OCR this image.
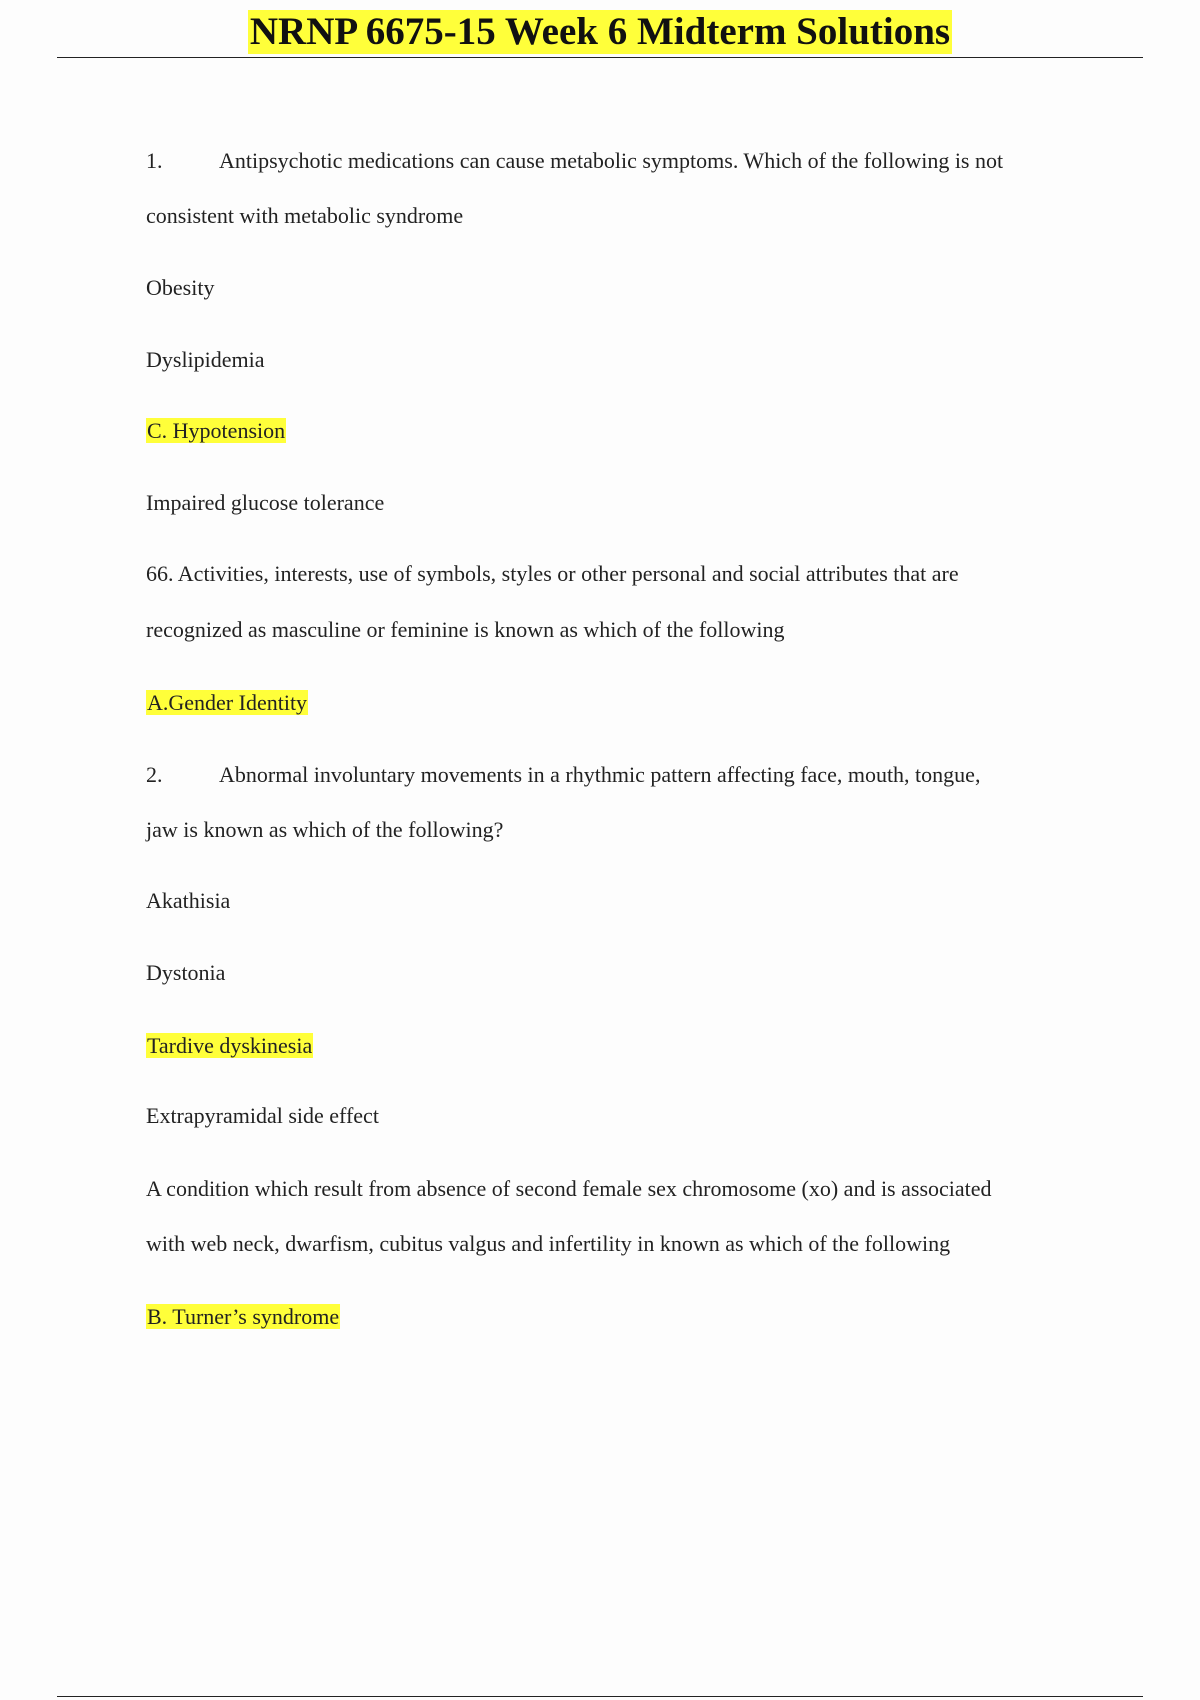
NRNP 6675-15 Week 6 Midterm Solutions
1.	Antipsychotic medications can cause metabolic symptoms. Which of the following is not
consistent with metabolic syndrome
Obesity
Dyslipidemia
C. Hypotension
Impaired glucose tolerance
66. Activities, interests, use of symbols, styles or other personal and social attributes that are
recognized as masculine or feminine is known as which of the following
A.Gender Identity
2.	Abnormal involuntary movements in a rhythmic pattern affecting face, mouth, tongue,
jaw is known as which of the following?
Akathisia
Dystonia
Tardive dyskinesia
Extrapyramidal side effect
A condition which result from absence of second female sex chromosome (xo) and is associated
with web neck, dwarfism, cubitus valgus and infertility in known as which of the following
B. Turner’s syndrome
